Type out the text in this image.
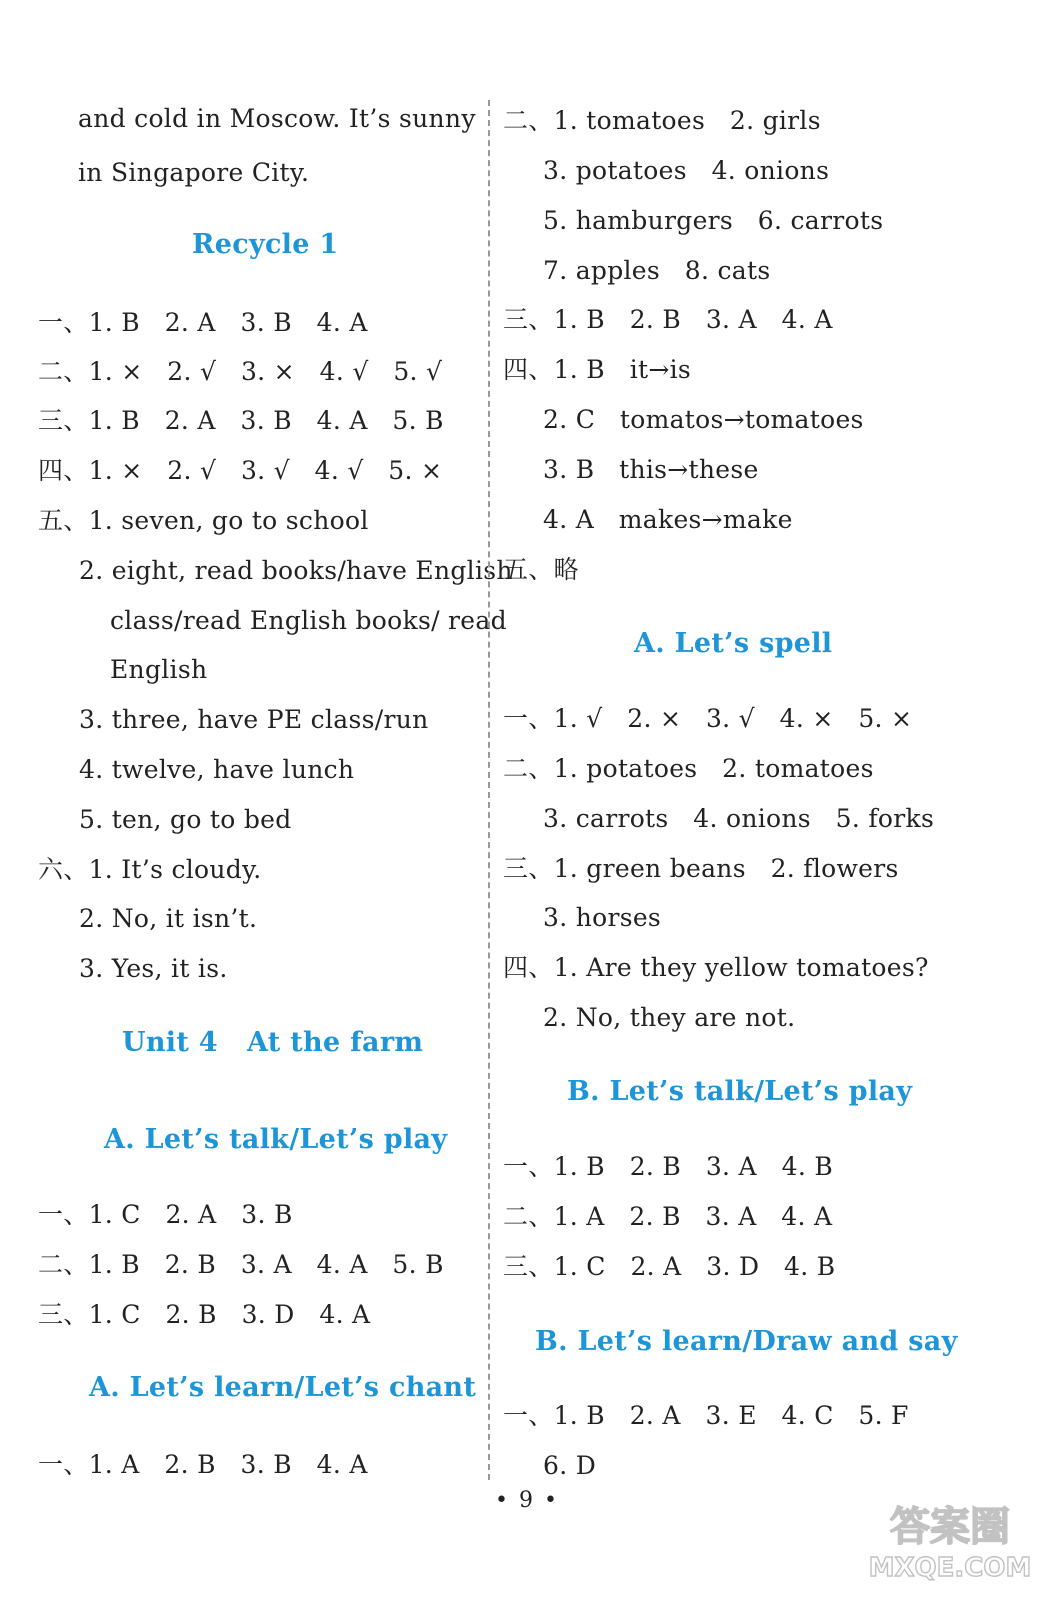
and cold in Moscow. It’s sunny
in Singapore City.
Recycle 1
一、1. B   2. A   3. B   4. A
二、1. ×   2. √   3. ×   4. √   5. √
三、1. B   2. A   3. B   4. A   5. B
四、1. ×   2. √   3. √   4. √   5. ×
五、1. seven, go to school
2. eight, read books/have English
class/read English books/ read
English
3. three, have PE class/run
4. twelve, have lunch
5. ten, go to bed
六、1. It’s cloudy.
2. No, it isn’t.
3. Yes, it is.
Unit 4   At the farm
A. Let’s talk/Let’s play
一、1. C   2. A   3. B
二、1. B   2. B   3. A   4. A   5. B
三、1. C   2. B   3. D   4. A
A. Let’s learn/Let’s chant
一、1. A   2. B   3. B   4. A
二、1. tomatoes   2. girls
3. potatoes   4. onions
5. hamburgers   6. carrots
7. apples   8. cats
三、1. B   2. B   3. A   4. A
四、1. B   it→is
2. C   tomatos→tomatoes
3. B   this→these
4. A   makes→make
五、略
A. Let’s spell
一、1. √   2. ×   3. √   4. ×   5. ×
二、1. potatoes   2. tomatoes
3. carrots   4. onions   5. forks
三、1. green beans   2. flowers
3. horses
四、1. Are they yellow tomatoes?
2. No, they are not.
B. Let’s talk/Let’s play
一、1. B   2. B   3. A   4. B
二、1. A   2. B   3. A   4. A
三、1. C   2. A   3. D   4. B
B. Let’s learn/Draw and say
一、1. B   2. A   3. E   4. C   5. F
6. D
• 9 •
答案圈
MXQE.COM
